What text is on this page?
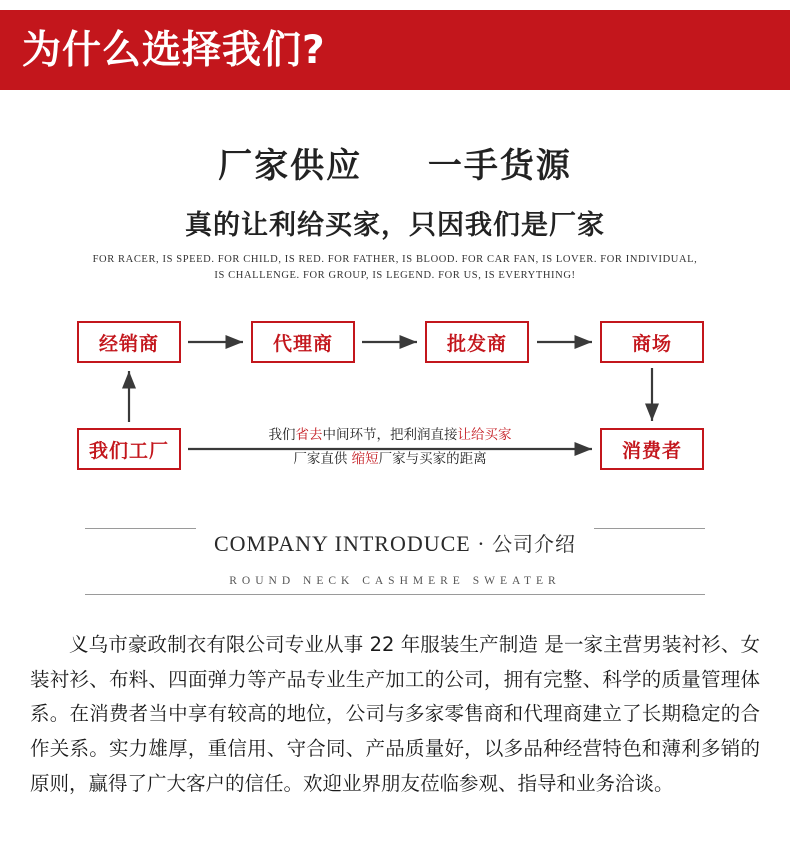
为什么选择我们?
厂家供应 一手货源
真的让利给买家，只因我们是厂家
FOR RACER, IS SPEED. FOR CHILD, IS RED. FOR FATHER, IS BLOOD. FOR CAR FAN, IS LOVER. FOR INDIVIDUAL,
IS CHALLENGE. FOR GROUP, IS LEGEND. FOR US, IS EVERYTHING!
经销商	代理商	批发商	商场
我们工厂	消费者
我们省去中间环节，把利润直接让给买家
厂家直供 缩短厂家与买家的距离
COMPANY INTRODUCE · 公司介绍
ROUND NECK CASHMERE SWEATER

义乌市豪政制衣有限公司专业从事 22 年服装生产制造 是一家主营男装衬衫、女装衬衫、布料、四面弹力等产品专业生产加工的公司，拥有完整、科学的质量管理体系。在消费者当中享有较高的地位，公司与多家零售商和代理商建立了长期稳定的合作关系。实力雄厚，重信用、守合同、产品质量好，以多品种经营特色和薄利多销的原则，赢得了广大客户的信任。欢迎业界朋友莅临参观、指导和业务洽谈。
